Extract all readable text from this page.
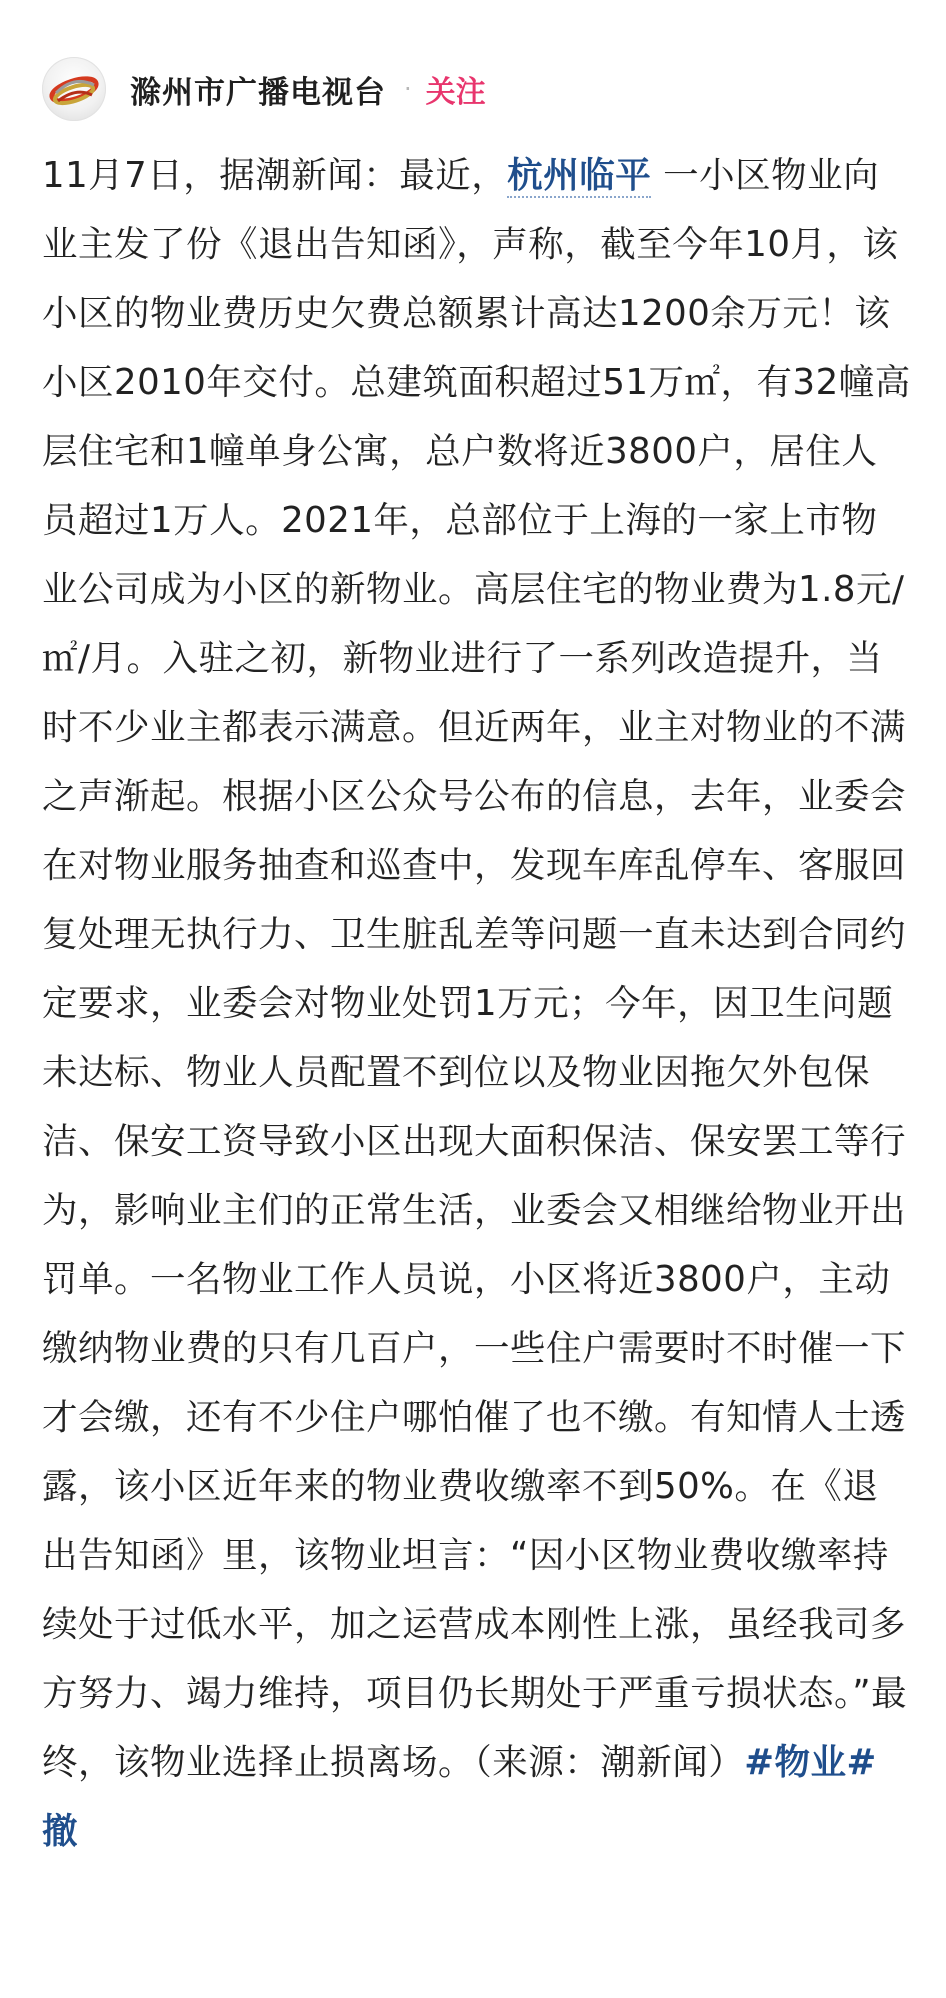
滁州市广播电视台 · 关注

11月7日，据潮新闻：最近，杭州临平 一小区物业向业主发了份《退出告知函》，声称，截至今年10月，该小区的物业费历史欠费总额累计高达1200余万元！该小区2010年交付。总建筑面积超过51万㎡，有32幢高层住宅和1幢单身公寓，总户数将近3800户，居住人员超过1万人。2021年，总部位于上海的一家上市物业公司成为小区的新物业。高层住宅的物业费为1.8元/㎡/月。入驻之初，新物业进行了一系列改造提升，当时不少业主都表示满意。但近两年，业主对物业的不满之声渐起。根据小区公众号公布的信息，去年，业委会在对物业服务抽查和巡查中，发现车库乱停车、客服回复处理无执行力、卫生脏乱差等问题一直未达到合同约定要求，业委会对物业处罚1万元；今年，因卫生问题未达标、物业人员配置不到位以及物业因拖欠外包保洁、保安工资导致小区出现大面积保洁、保安罢工等行为，影响业主们的正常生活，业委会又相继给物业开出罚单。一名物业工作人员说，小区将近3800户，主动缴纳物业费的只有几百户，一些住户需要时不时催一下才会缴，还有不少住户哪怕催了也不缴。有知情人士透露，该小区近年来的物业费收缴率不到50%。在《退出告知函》里，该物业坦言：“因小区物业费收缴率持续处于过低水平，加之运营成本刚性上涨，虽经我司多方努力、竭力维持，项目仍长期处于严重亏损状态。”最终，该物业选择止损离场。（来源：潮新闻）#物业#撤
